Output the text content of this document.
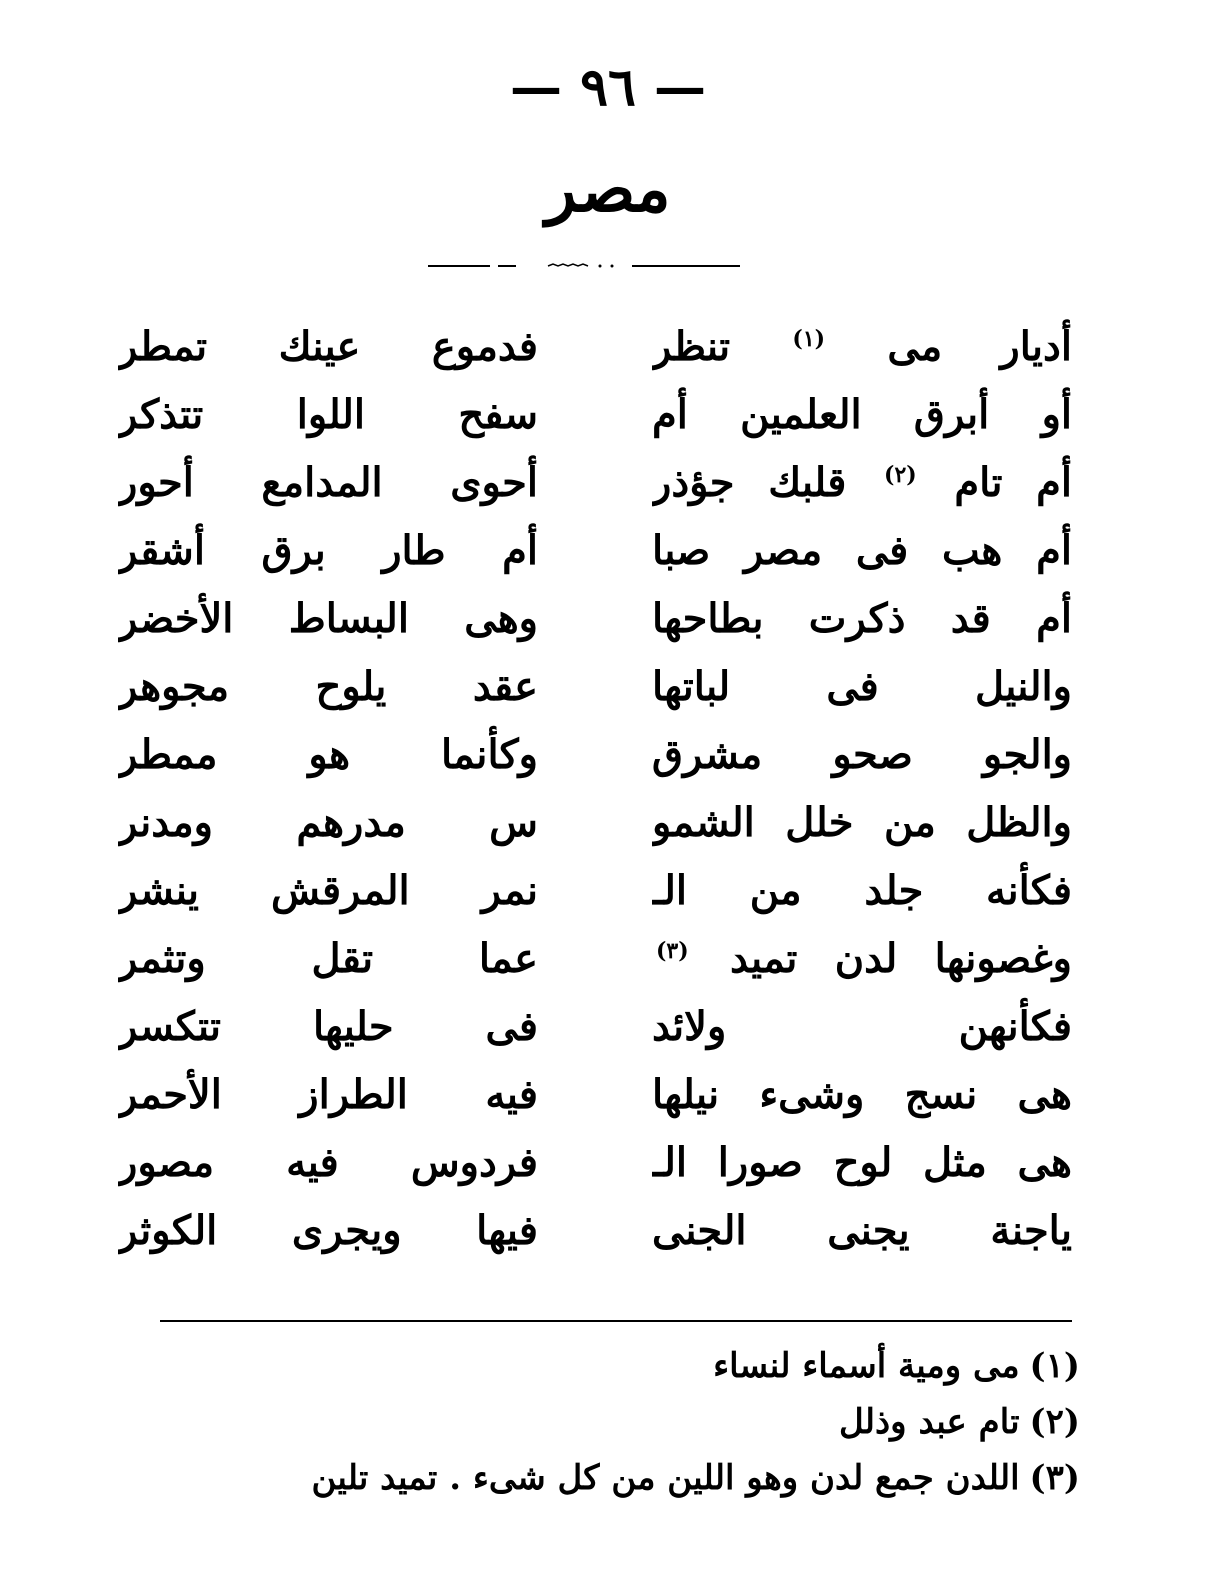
— ٩٦ —
مصر
أديار مى (١) تنظر
فدموع عينك تمطر
أو أبرق العلمين أم
سفح اللوا تتذكر
أم تام (٢) قلبك جؤذر
أحوى المدامع أحور
أم هب فى مصر صبا
أم طار برق أشقر
أم قد ذكرت بطاحها
وهى البساط الأخضر
والنيل فى لباتها
عقد يلوح مجوهر
والجو صحو مشرق
وكأنما هو ممطر
والظل من خلل الشمو
س مدرهم ومدنر
فكأنه جلد من الـ
نمر المرقش ينشر
وغصونها لدن تميد (٣)
عما تقل وتثمر
فكأنهن ولائد
فى حليها تتكسر
هى نسج وشىء نيلها
فيه الطراز الأحمر
هى مثل لوح صورا الـ
فردوس فيه مصور
ياجنة يجنى الجنى
فيها ويجرى الكوثر
(١)مى ومية أسماء لنساء
(٢)تام عبد وذلل
(٣)اللدن جمع لدن وهو اللين من كل شىء . تميد تلين
